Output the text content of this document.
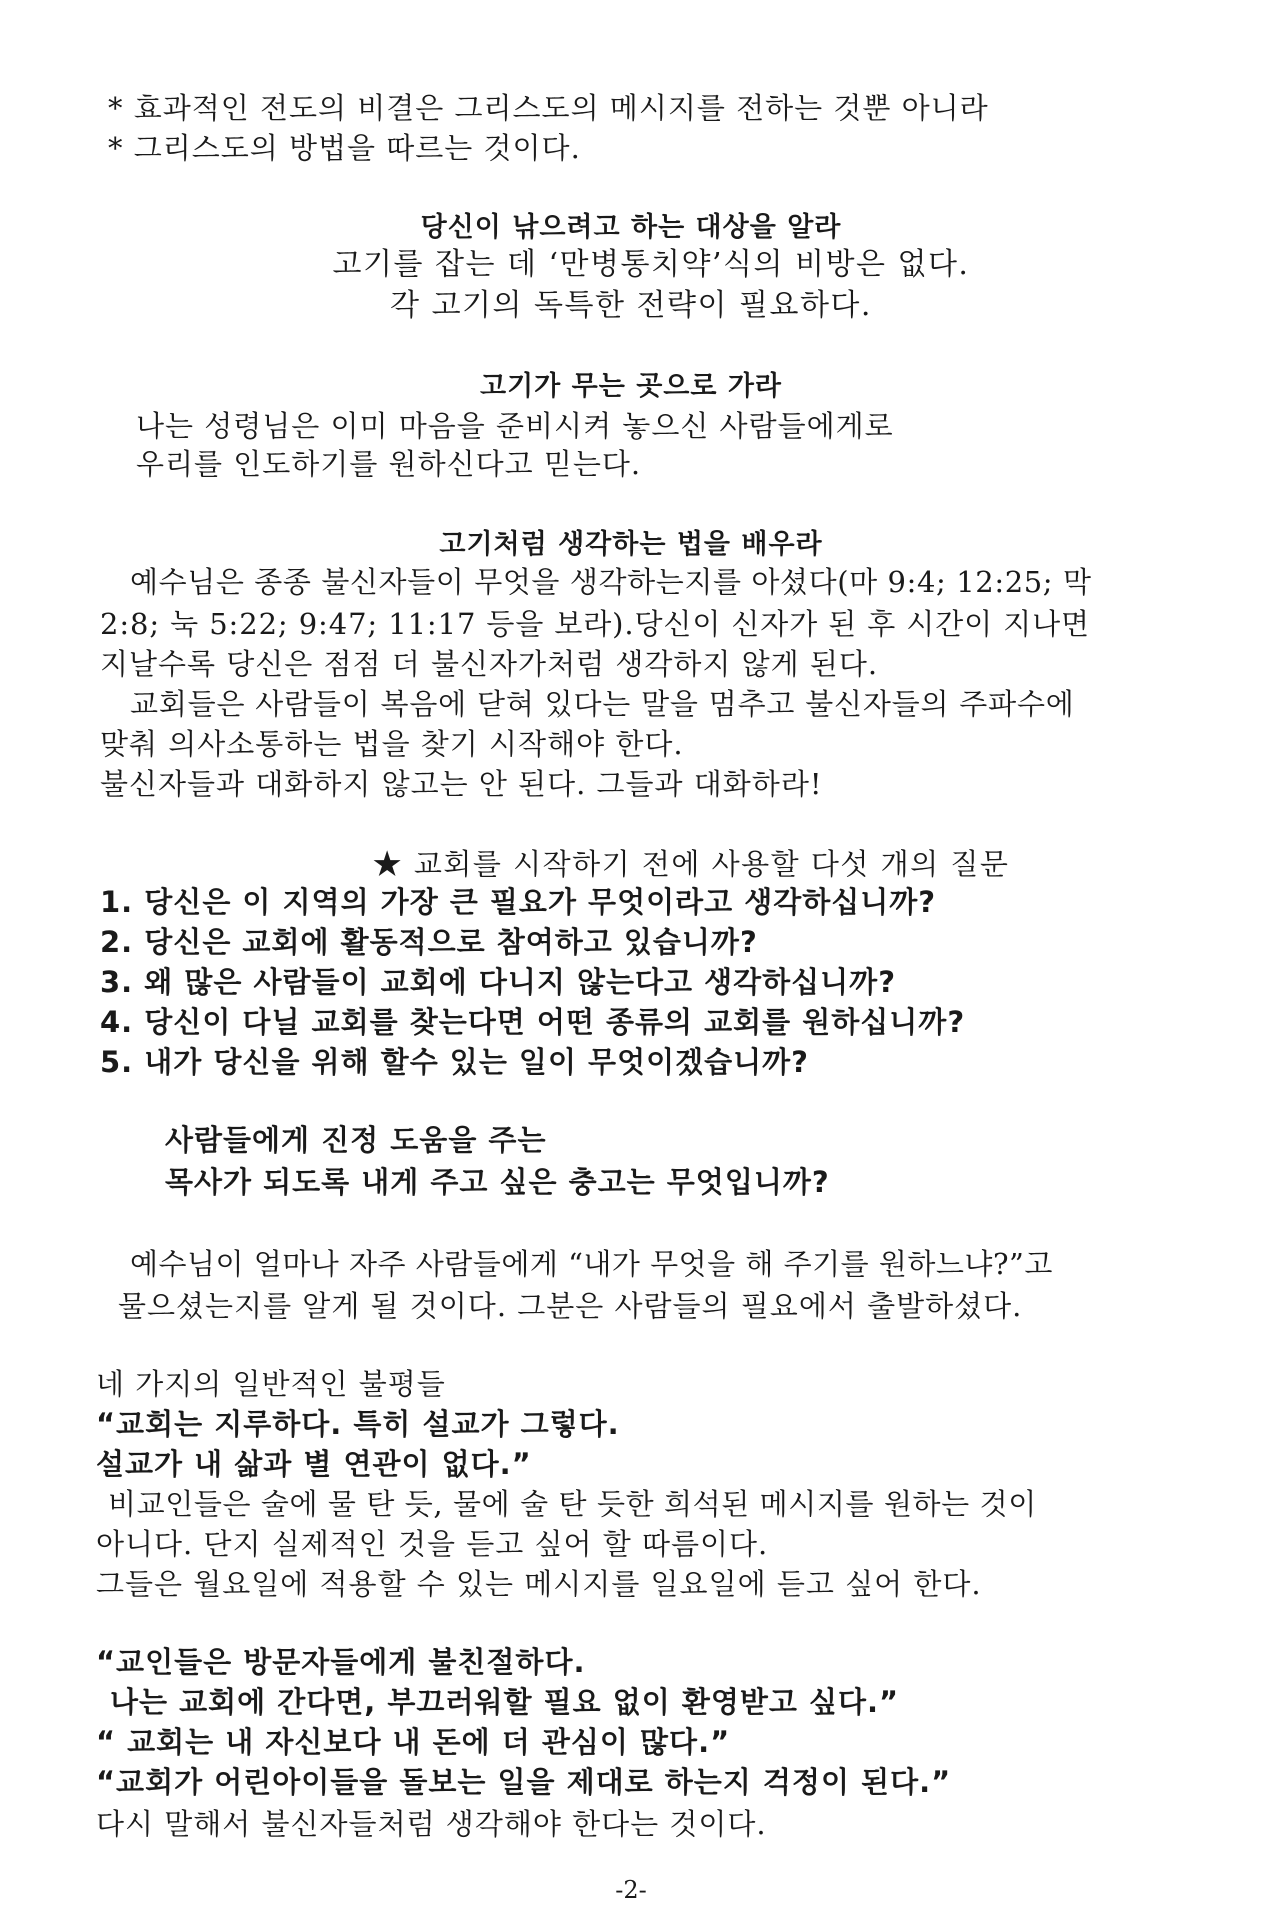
* 효과적인 전도의 비결은 그리스도의 메시지를 전하는 것뿐 아니라
* 그리스도의 방법을 따르는 것이다.
당신이 낚으려고 하는 대상을 알라
고기를 잡는 데 ‘만병통치약’식의 비방은 없다.
각 고기의 독특한 전략이 필요하다.
고기가 무는 곳으로 가라
나는 성령님은 이미 마음을 준비시켜 놓으신 사람들에게로
우리를 인도하기를 원하신다고 믿는다.
고기처럼 생각하는 법을 배우라
예수님은 종종 불신자들이 무엇을 생각하는지를 아셨다(마 9:4; 12:25; 막
2:8; 눅 5:22; 9:47; 11:17 등을 보라).당신이 신자가 된 후 시간이 지나면
지날수록 당신은 점점 더 불신자가처럼 생각하지 않게 된다.
교회들은 사람들이 복음에 닫혀 있다는 말을 멈추고 불신자들의 주파수에
맞춰 의사소통하는 법을 찾기 시작해야 한다.
불신자들과 대화하지 않고는 안 된다. 그들과 대화하라!
★ 교회를 시작하기 전에 사용할 다섯 개의 질문
1. 당신은 이 지역의 가장 큰 필요가 무엇이라고 생각하십니까?
2. 당신은 교회에 활동적으로 참여하고 있습니까?
3. 왜 많은 사람들이 교회에 다니지 않는다고 생각하십니까?
4. 당신이 다닐 교회를 찾는다면 어떤 종류의 교회를 원하십니까?
5. 내가 당신을 위해 할수 있는 일이 무엇이겠습니까?
사람들에게 진정 도움을 주는
목사가 되도록 내게 주고 싶은 충고는 무엇입니까?
예수님이 얼마나 자주 사람들에게 “내가 무엇을 해 주기를 원하느냐?”고
물으셨는지를 알게 될 것이다. 그분은 사람들의 필요에서 출발하셨다.
네 가지의 일반적인 불평들
“교회는 지루하다. 특히 설교가 그렇다.
설교가 내 삶과 별 연관이 없다.”
비교인들은 술에 물 탄 듯, 물에 술 탄 듯한 희석된 메시지를 원하는 것이
아니다. 단지 실제적인 것을 듣고 싶어 할 따름이다.
그들은 월요일에 적용할 수 있는 메시지를 일요일에 듣고 싶어 한다.
“교인들은 방문자들에게 불친절하다.
나는 교회에 간다면, 부끄러워할 필요 없이 환영받고 싶다.”
“ 교회는 내 자신보다 내 돈에 더 관심이 많다.”
“교회가 어린아이들을 돌보는 일을 제대로 하는지 걱정이 된다.”
다시 말해서 불신자들처럼 생각해야 한다는 것이다.
-2-
